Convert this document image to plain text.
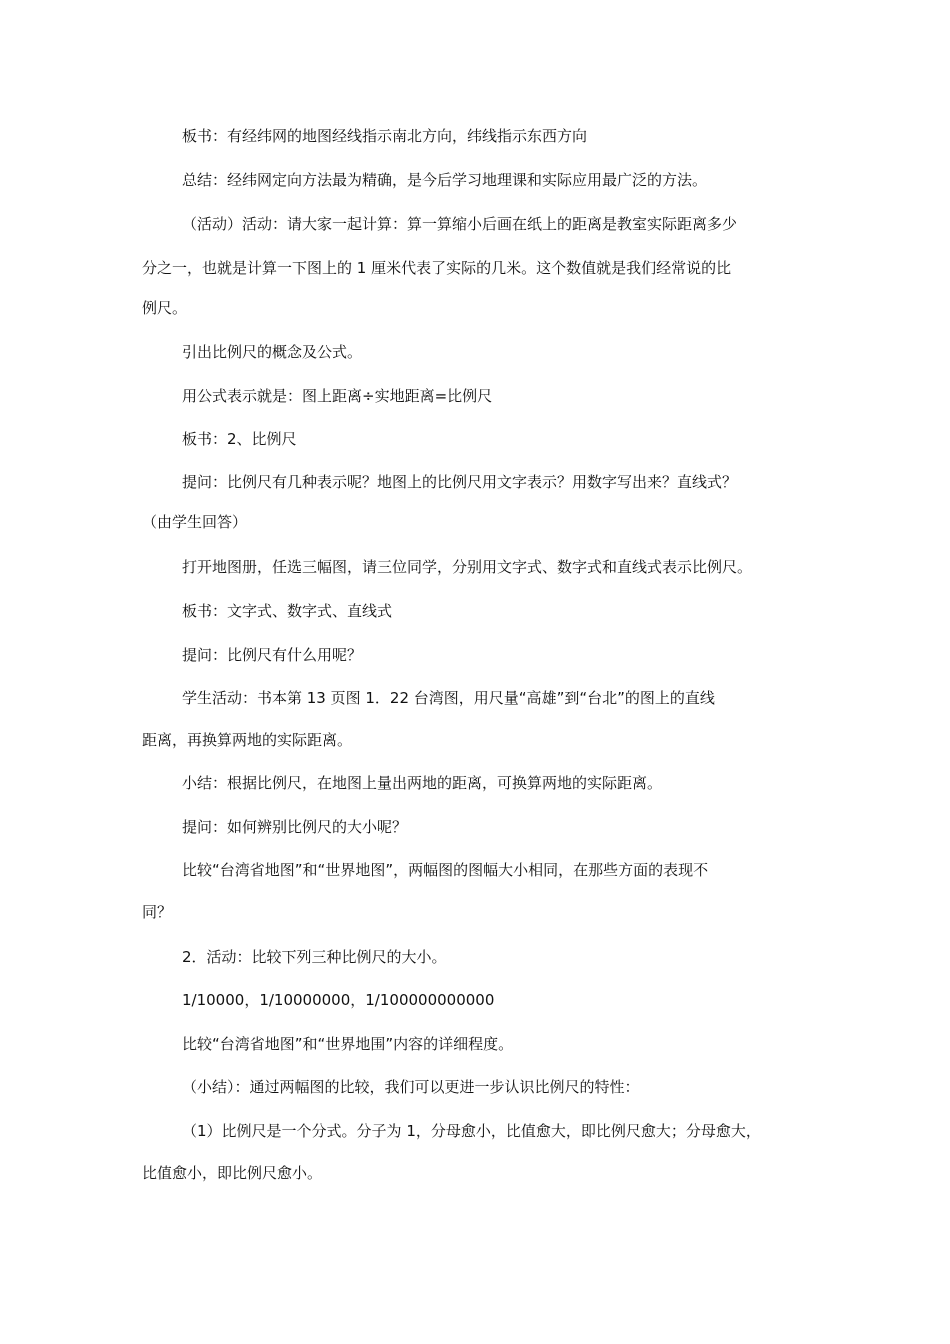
板书：有经纬网的地图经线指示南北方向，纬线指示东西方向
总结：经纬网定向方法最为精确，是今后学习地理课和实际应用最广泛的方法。
（活动）活动：请大家一起计算：算一算缩小后画在纸上的距离是教室实际距离多少
分之一，也就是计算一下图上的 1 厘米代表了实际的几米。这个数值就是我们经常说的比
例尺。
引出比例尺的概念及公式。
用公式表示就是：图上距离÷实地距离=比例尺
板书：2、比例尺
提问：比例尺有几种表示呢？地图上的比例尺用文字表示？用数字写出来？直线式？
（由学生回答）
打开地图册，任选三幅图，请三位同学，分别用文字式、数字式和直线式表示比例尺。
板书：文字式、数字式、直线式
提问：比例尺有什么用呢？
学生活动：书本第 13 页图 1．22 台湾图，用尺量“高雄”到“台北”的图上的直线
距离，再换算两地的实际距离。
小结：根据比例尺，在地图上量出两地的距离，可换算两地的实际距离。
提问：如何辨别比例尺的大小呢？
比较“台湾省地图”和“世界地图”，两幅图的图幅大小相同，在那些方面的表现不
同？
2．活动：比较下列三种比例尺的大小。
1/10000，1/10000000，1/100000000000
比较“台湾省地图”和“世界地围”内容的详细程度。
（小结）：通过两幅图的比较，我们可以更进一步认识比例尺的特性：
（1）比例尺是一个分式。分子为 1，分母愈小，比值愈大，即比例尺愈大；分母愈大，
比值愈小，即比例尺愈小。
